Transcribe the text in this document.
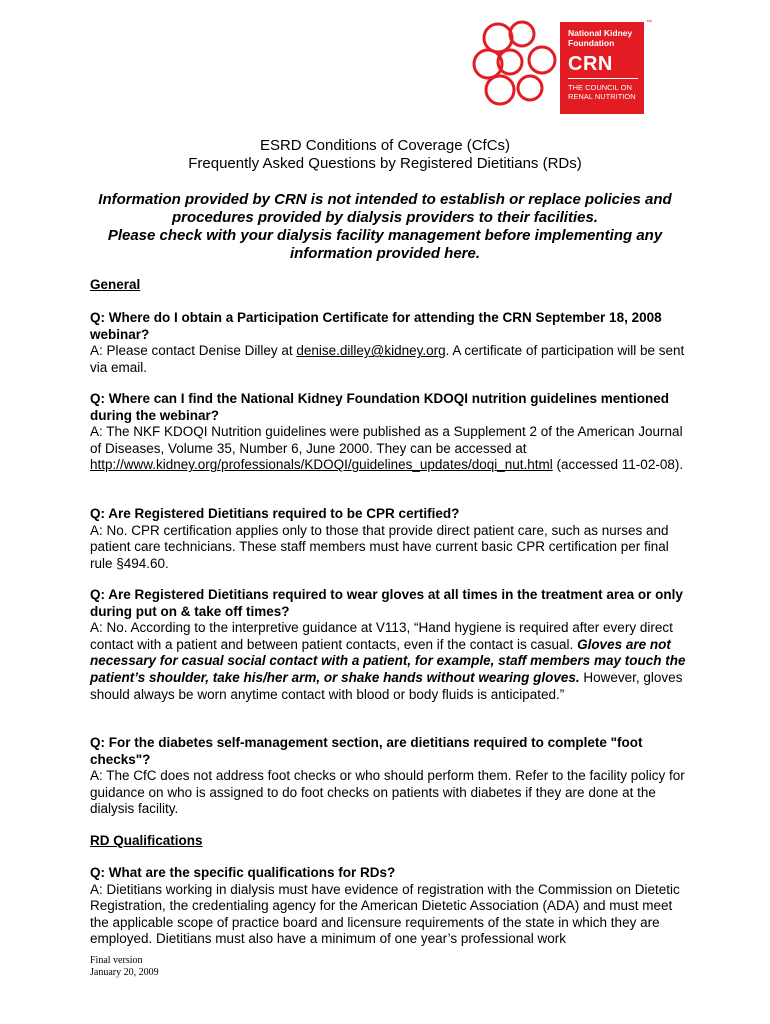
™
National Kidney
Foundation
CRN
THE COUNCIL ON
RENAL NUTRITION
ESRD Conditions of Coverage (CfCs)
Frequently Asked Questions by Registered Dietitians (RDs)
Information provided by CRN is not intended to establish or replace policies and
procedures provided by dialysis providers to their facilities.
Please check with your dialysis facility management before implementing any
information provided here.
General
Q: Where do I obtain a Participation Certificate for attending the CRN September 18, 2008 webinar?
A: Please contact Denise Dilley at denise.dilley@kidney.org. A certificate of participation will be sent via email.
Q: Where can I find the National Kidney Foundation KDOQI nutrition guidelines mentioned during the webinar?
A: The NKF KDOQI Nutrition guidelines were published as a Supplement 2 of the American Journal of Diseases, Volume 35, Number 6, June 2000. They can be accessed at http://www.kidney.org/professionals/KDOQI/guidelines_updates/doqi_nut.html (accessed 11-02-08).
Q: Are Registered Dietitians required to be CPR certified?
A: No. CPR certification applies only to those that provide direct patient care, such as nurses and patient care technicians. These staff members must have current basic CPR certification per final rule §494.60.
Q: Are Registered Dietitians required to wear gloves at all times in the treatment area or only during put on & take off times?
A: No. According to the interpretive guidance at V113, “Hand hygiene is required after every direct contact with a patient and between patient contacts, even if the contact is casual. Gloves are not necessary for casual social contact with a patient, for example, staff members may touch the patient’s shoulder, take his/her arm, or shake hands without wearing gloves. However, gloves should always be worn anytime contact with blood or body fluids is anticipated.”
Q: For the diabetes self-management section, are dietitians required to complete "foot checks"?
A: The CfC does not address foot checks or who should perform them. Refer to the facility policy for guidance on who is assigned to do foot checks on patients with diabetes if they are done at the dialysis facility.
RD Qualifications
Q: What are the specific qualifications for RDs?
A: Dietitians working in dialysis must have evidence of registration with the Commission on Dietetic Registration, the credentialing agency for the American Dietetic Association (ADA) and must meet the applicable scope of practice board and licensure requirements of the state in which they are employed. Dietitians must also have a minimum of one year’s professional work
Final version
January 20, 2009
